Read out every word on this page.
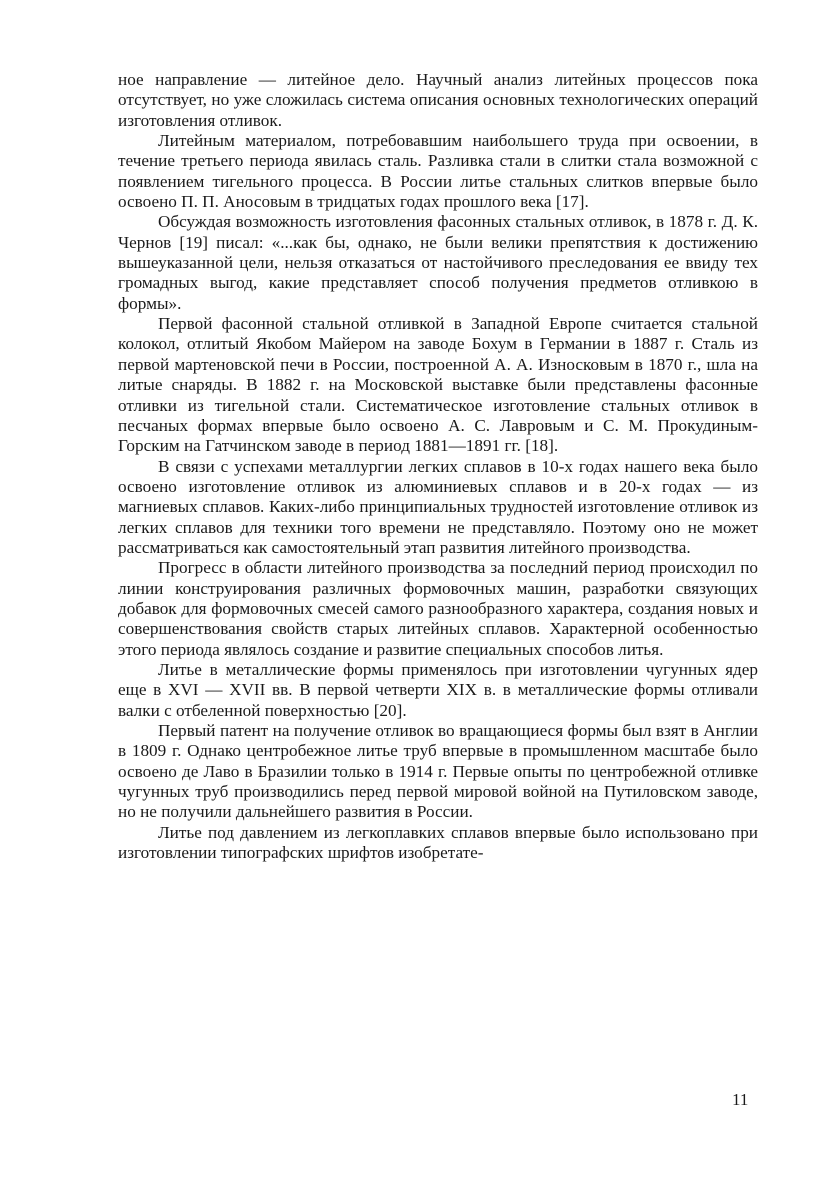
ное направление — литейное дело. Научный анализ литейных процессов пока отсутствует, но уже сложилась система описания основных технологических операций изготовления отливок.

Литейным материалом, потребовавшим наибольшего труда при освоении, в течение третьего периода явилась сталь. Разливка стали в слитки стала возможной с появлением тигельного процесса. В России литье стальных слитков впервые было освоено П. П. Аносовым в тридцатых годах прошлого века [17].

Обсуждая возможность изготовления фасонных стальных отливок, в 1878 г. Д. К. Чернов [19] писал: «...как бы, однако, не были велики препятствия к достижению вышеуказанной цели, нельзя отказаться от настойчивого преследования ее ввиду тех громадных выгод, какие представляет способ получения предметов отливкою в формы».

Первой фасонной стальной отливкой в Западной Европе считается стальной колокол, отлитый Якобом Майером на заводе Бохум в Германии в 1887 г. Сталь из первой мартеновской печи в России, построенной А. А. Износковым в 1870 г., шла на литые снаряды. В 1882 г. на Московской выставке были представлены фасонные отливки из тигельной стали. Систематическое изготовление стальных отливок в песчаных формах впервые было освоено А. С. Лавровым и С. М. Прокудиным-Горским на Гатчинском заводе в период 1881—1891 гг. [18].

В связи с успехами металлургии легких сплавов в 10-х годах нашего века было освоено изготовление отливок из алюминиевых сплавов и в 20-х годах — из магниевых сплавов. Каких-либо принципиальных трудностей изготовление отливок из легких сплавов для техники того времени не представляло. Поэтому оно не может рассматриваться как самостоятельный этап развития литейного производства.

Прогресс в области литейного производства за последний период происходил по линии конструирования различных формовочных машин, разработки связующих добавок для формовочных смесей самого разнообразного характера, создания новых и совершенствования свойств старых литейных сплавов. Характерной особенностью этого периода являлось создание и развитие специальных способов литья.

Литье в металлические формы применялось при изготовлении чугунных ядер еще в XVI — XVII вв. В первой четверти XIX в. в металлические формы отливали валки с отбеленной поверхностью [20].

Первый патент на получение отливок во вращающиеся формы был взят в Англии в 1809 г. Однако центробежное литье труб впервые в промышленном масштабе было освоено де Лаво в Бразилии только в 1914 г. Первые опыты по центробежной отливке чугунных труб производились перед первой мировой войной на Путиловском заводе, но не получили дальнейшего развития в России.

Литье под давлением из легкоплавких сплавов впервые было использовано при изготовлении типографских шрифтов изобретате-

11
